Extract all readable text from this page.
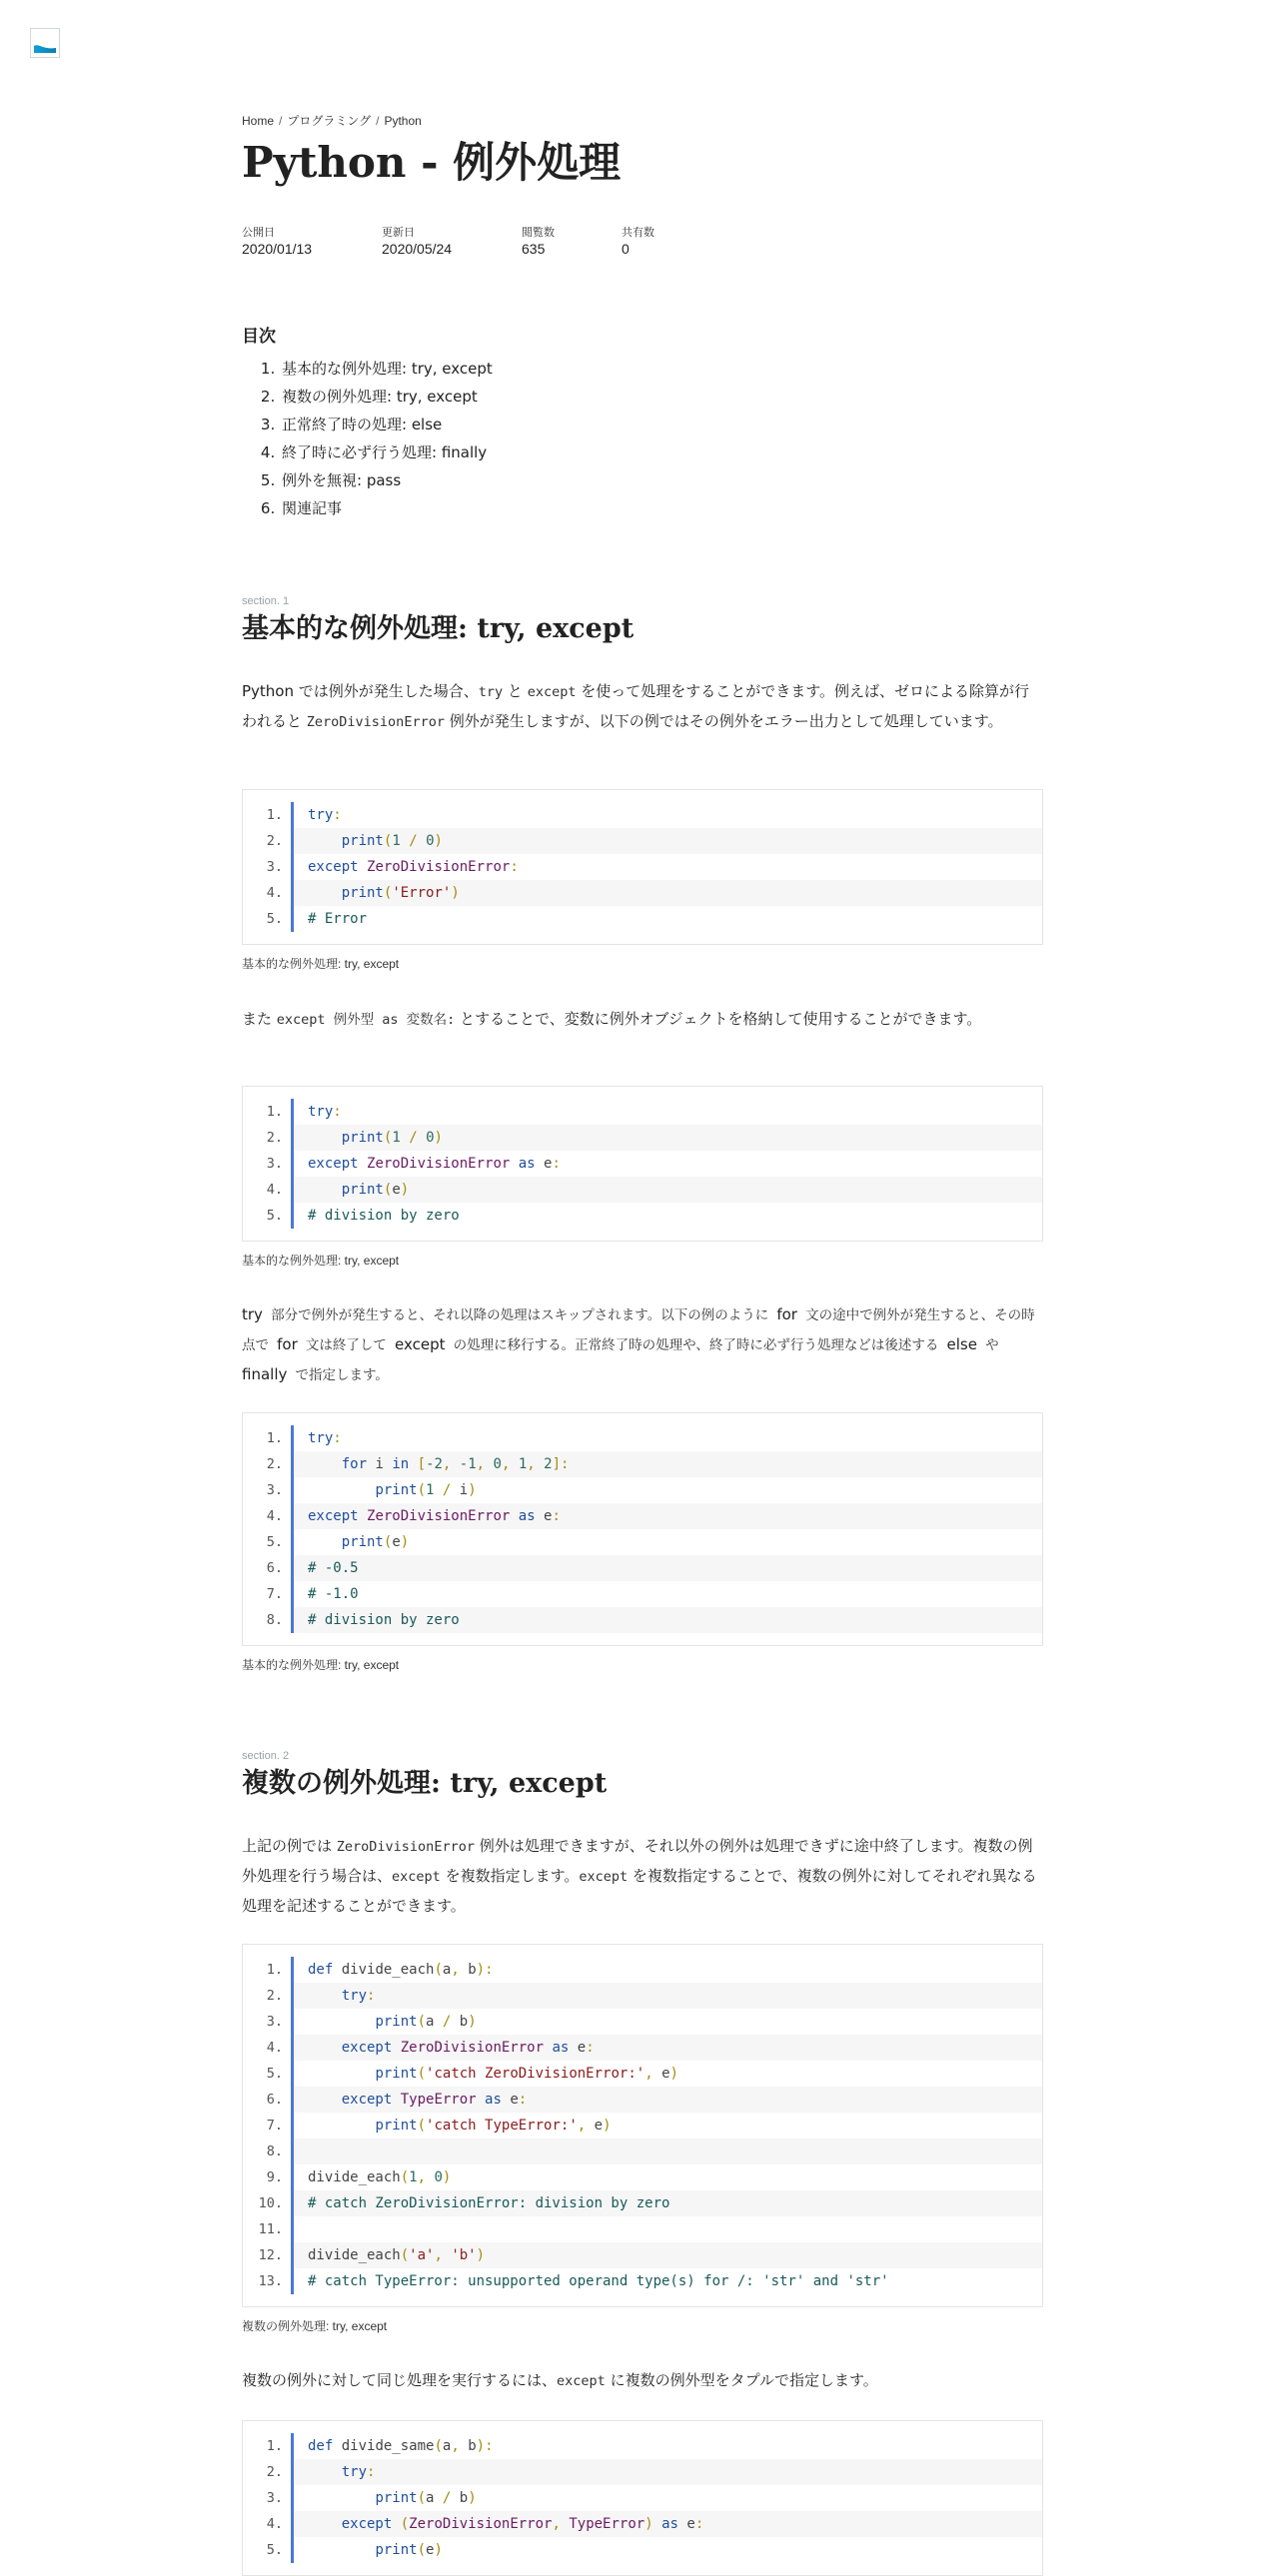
Home / プログラミング / Python
Python - 例外処理
公開日
2020/01/13
更新日
2020/05/24
閲覧数
635
共有数
0
目次
1. 基本的な例外処理: try, except
2. 複数の例外処理: try, except
3. 正常終了時の処理: else
4. 終了時に必ず行う処理: finally
5. 例外を無視: pass
6. 関連記事
section. 1
基本的な例外処理: try, except

Python では例外が発生した場合、try と except を使って処理をすることができます。例えば、ゼロによる除算が行われると ZeroDivisionError 例外が発生しますが、以下の例ではその例外をエラー出力として処理しています。

1.	try:
2.	print(1 / 0)
3.	except ZeroDivisionError:
4.	print('Error')
5.	# Error
基本的な例外処理: try, except

また except 例外型 as 変数名: とすることで、変数に例外オブジェクトを格納して使用することができます。

1.	try:
2.	print(1 / 0)
3.	except ZeroDivisionError as e:
4.	print(e)
5.	# division by zero
基本的な例外処理: try, except

try 部分で例外が発生すると、それ以降の処理はスキップされます。以下の例のように for 文の途中で例外が発生すると、その時点で for 文は終了して except の処理に移行する。正常終了時の処理や、終了時に必ず行う処理などは後述する else や finally で指定します。

1.	try:
2.	for i in [-2, -1, 0, 1, 2]:
3.	print(1 / i)
4.	except ZeroDivisionError as e:
5.	print(e)
6.	# -0.5
7.	# -1.0
8.	# division by zero
基本的な例外処理: try, except
section. 2
複数の例外処理: try, except

上記の例では ZeroDivisionError 例外は処理できますが、それ以外の例外は処理できずに途中終了します。複数の例外処理を行う場合は、except を複数指定します。except を複数指定することで、複数の例外に対してそれぞれ異なる処理を記述することができます。

1.	def divide_each(a, b):
2.	try:
3.	print(a / b)
4.	except ZeroDivisionError as e:
5.	print('catch ZeroDivisionError:', e)
6.	except TypeError as e:
7.	print('catch TypeError:', e)
8.

9.	divide_each(1, 0)
10.	# catch ZeroDivisionError: division by zero
11.

12.	divide_each('a', 'b')
13.	# catch TypeError: unsupported operand type(s) for /: 'str' and 'str'
複数の例外処理: try, except

複数の例外に対して同じ処理を実行するには、except に複数の例外型をタプルで指定します。

1.	def divide_same(a, b):
2.	try:
3.	print(a / b)
4.	except (ZeroDivisionError, TypeError) as e:
5.	print(e)
